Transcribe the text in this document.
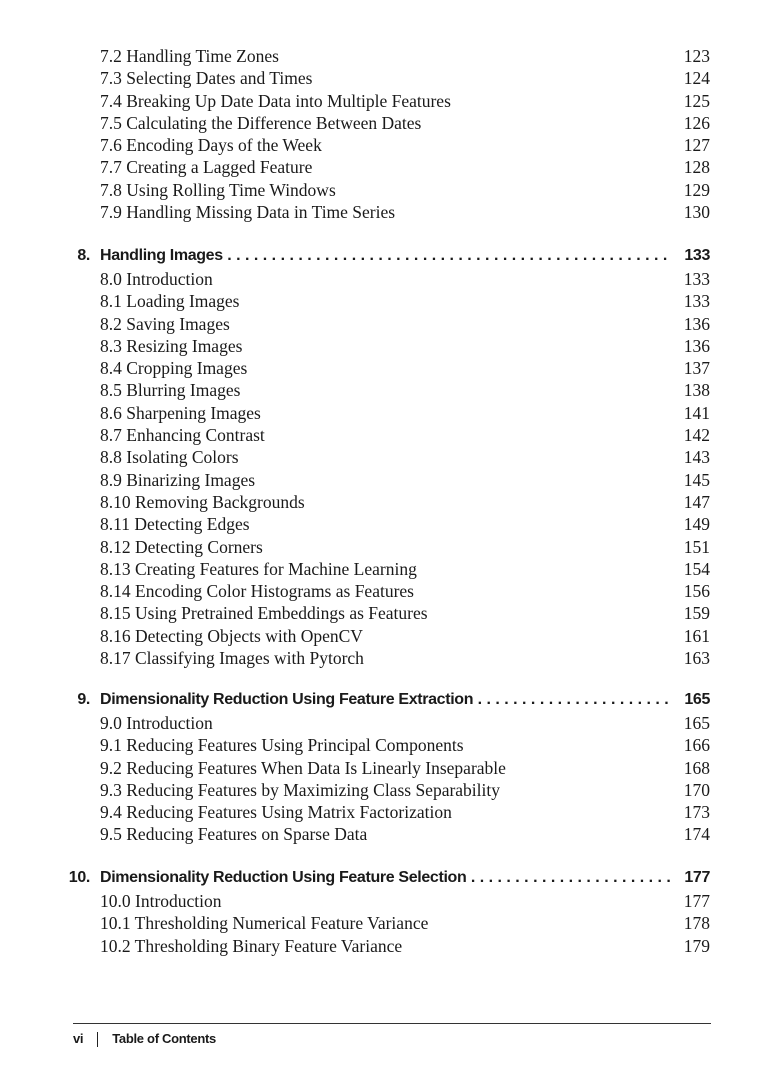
7.2 Handling Time Zones	123
7.3 Selecting Dates and Times	124
7.4 Breaking Up Date Data into Multiple Features	125
7.5 Calculating the Difference Between Dates	126
7.6 Encoding Days of the Week	127
7.7 Creating a Lagged Feature	128
7.8 Using Rolling Time Windows	129
7.9 Handling Missing Data in Time Series	130
8. Handling Images . . .	133
8.0 Introduction	133
8.1 Loading Images	133
8.2 Saving Images	136
8.3 Resizing Images	136
8.4 Cropping Images	137
8.5 Blurring Images	138
8.6 Sharpening Images	141
8.7 Enhancing Contrast	142
8.8 Isolating Colors	143
8.9 Binarizing Images	145
8.10 Removing Backgrounds	147
8.11 Detecting Edges	149
8.12 Detecting Corners	151
8.13 Creating Features for Machine Learning	154
8.14 Encoding Color Histograms as Features	156
8.15 Using Pretrained Embeddings as Features	159
8.16 Detecting Objects with OpenCV	161
8.17 Classifying Images with Pytorch	163
9. Dimensionality Reduction Using Feature Extraction . . .	165
9.0 Introduction	165
9.1 Reducing Features Using Principal Components	166
9.2 Reducing Features When Data Is Linearly Inseparable	168
9.3 Reducing Features by Maximizing Class Separability	170
9.4 Reducing Features Using Matrix Factorization	173
9.5 Reducing Features on Sparse Data	174
10. Dimensionality Reduction Using Feature Selection . . .	177
10.0 Introduction	177
10.1 Thresholding Numerical Feature Variance	178
10.2 Thresholding Binary Feature Variance	179
vi Table of Contents
